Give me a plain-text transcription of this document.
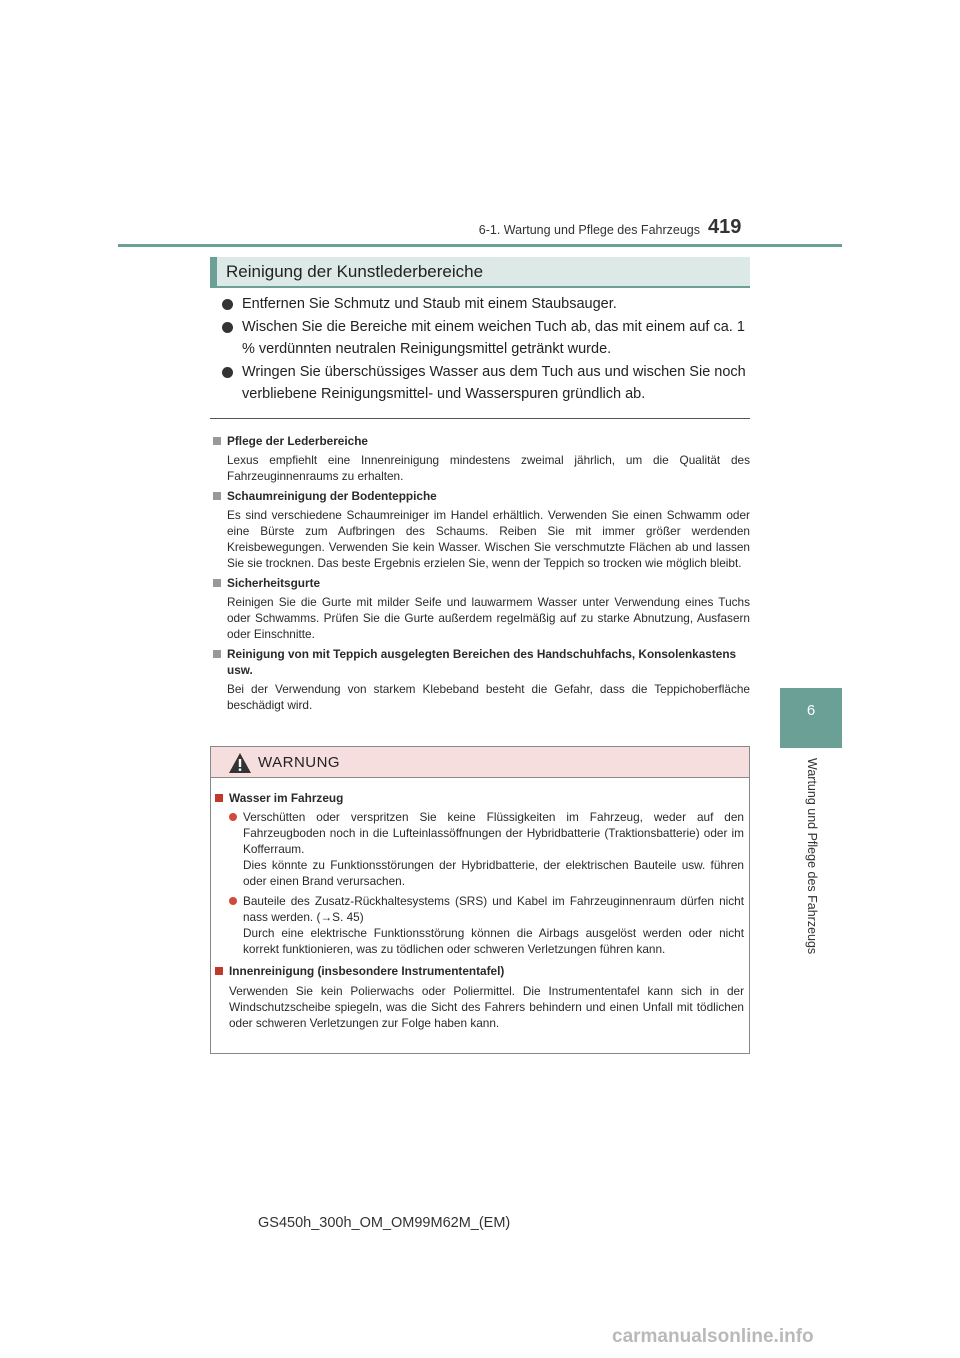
6-1. Wartung und Pflege des Fahrzeugs 419
6
Wartung und Pflege des Fahrzeugs
Reinigung der Kunstlederbereiche
Entfernen Sie Schmutz und Staub mit einem Staubsauger.
Wischen Sie die Bereiche mit einem weichen Tuch ab, das mit einem auf ca. 1 % verdünnten neutralen Reinigungsmittel getränkt wurde.
Wringen Sie überschüssiges Wasser aus dem Tuch aus und wischen Sie noch verbliebene Reinigungsmittel- und Wasserspuren gründlich ab.
Pflege der Lederbereiche
Lexus empfiehlt eine Innenreinigung mindestens zweimal jährlich, um die Qualität des Fahrzeuginnenraums zu erhalten.
Schaumreinigung der Bodenteppiche
Es sind verschiedene Schaumreiniger im Handel erhältlich. Verwenden Sie einen Schwamm oder eine Bürste zum Aufbringen des Schaums. Reiben Sie mit immer größer werdenden Kreisbewegungen. Verwenden Sie kein Wasser. Wischen Sie verschmutzte Flächen ab und lassen Sie sie trocknen. Das beste Ergebnis erzielen Sie, wenn der Teppich so trocken wie möglich bleibt.
Sicherheitsgurte
Reinigen Sie die Gurte mit milder Seife und lauwarmem Wasser unter Verwendung eines Tuchs oder Schwamms. Prüfen Sie die Gurte außerdem regelmäßig auf zu starke Abnutzung, Ausfasern oder Einschnitte.
Reinigung von mit Teppich ausgelegten Bereichen des Handschuhfachs, Konsolenkastens usw.
Bei der Verwendung von starkem Klebeband besteht die Gefahr, dass die Teppichoberfläche beschädigt wird.
WARNUNG
Wasser im Fahrzeug
Verschütten oder verspritzen Sie keine Flüssigkeiten im Fahrzeug, weder auf den Fahrzeugboden noch in die Lufteinlassöffnungen der Hybridbatterie (Traktionsbatterie) oder im Kofferraum.
Dies könnte zu Funktionsstörungen der Hybridbatterie, der elektrischen Bauteile usw. führen oder einen Brand verursachen.
Bauteile des Zusatz-Rückhaltesystems (SRS) und Kabel im Fahrzeuginnenraum dürfen nicht nass werden. (→S. 45)
Durch eine elektrische Funktionsstörung können die Airbags ausgelöst werden oder nicht korrekt funktionieren, was zu tödlichen oder schweren Verletzungen führen kann.
Innenreinigung (insbesondere Instrumententafel)
Verwenden Sie kein Polierwachs oder Poliermittel. Die Instrumententafel kann sich in der Windschutzscheibe spiegeln, was die Sicht des Fahrers behindern und einen Unfall mit tödlichen oder schweren Verletzungen zur Folge haben kann.
GS450h_300h_OM_OM99M62M_(EM)
carmanualsonline.info
